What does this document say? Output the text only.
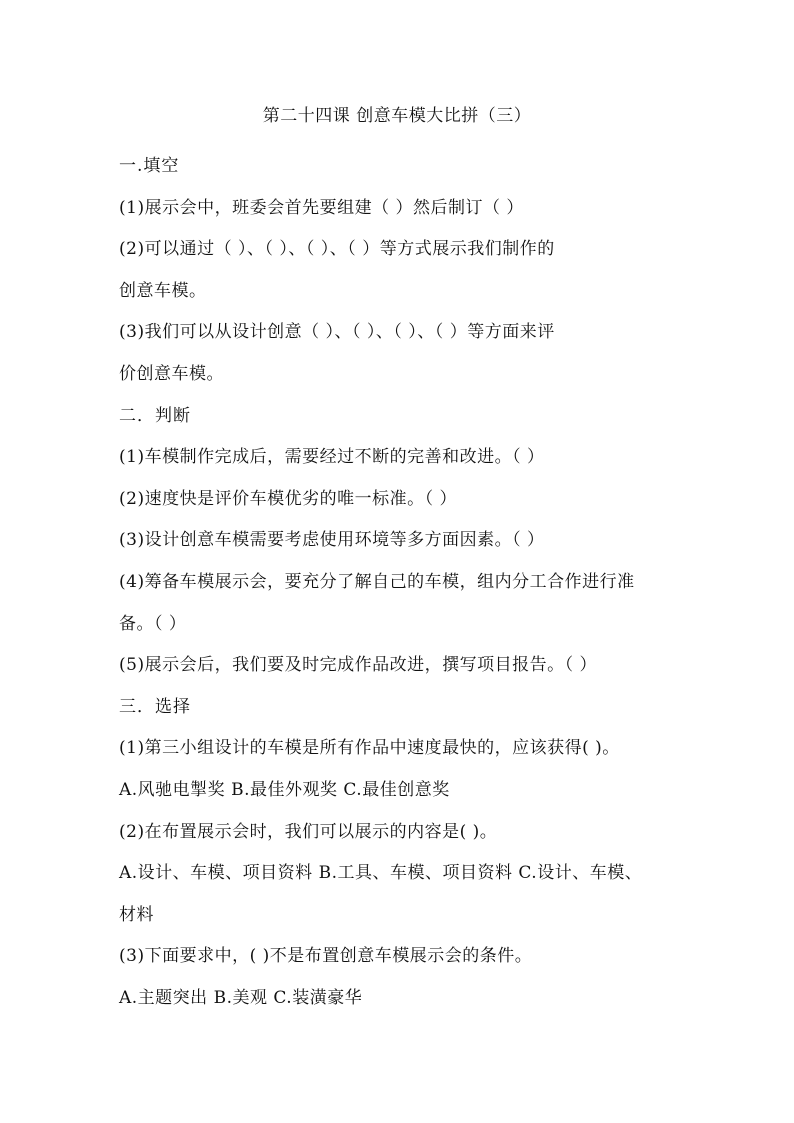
第二十四课 创意车模大比拼（三）
一.填空
(1)展示会中，班委会首先要组建（ ）然后制订（ ）
(2)可以通过（ ）、（ ）、（ ）、（ ）等方式展示我们制作的
创意车模。
(3)我们可以从设计创意（ ）、（ ）、（ ）、（ ）等方面来评
价创意车模。
二．判断
(1)车模制作完成后，需要经过不断的完善和改进。（ ）
(2)速度快是评价车模优劣的唯一标准。（ ）
(3)设计创意车模需要考虑使用环境等多方面因素。（ ）
(4)筹备车模展示会，要充分了解自己的车模，组内分工合作进行准
备。（ ）
(5)展示会后，我们要及时完成作品改进，撰写项目报告。（ ）
三．选择
(1)第三小组设计的车模是所有作品中速度最快的，应该获得( )。
A.风驰电掣奖 B.最佳外观奖 C.最佳创意奖
(2)在布置展示会时，我们可以展示的内容是( )。
A.设计、车模、项目资料 B.工具、车模、项目资料 C.设计、车模、
材料
(3)下面要求中，( )不是布置创意车模展示会的条件。
A.主题突出 B.美观 C.装潢豪华
